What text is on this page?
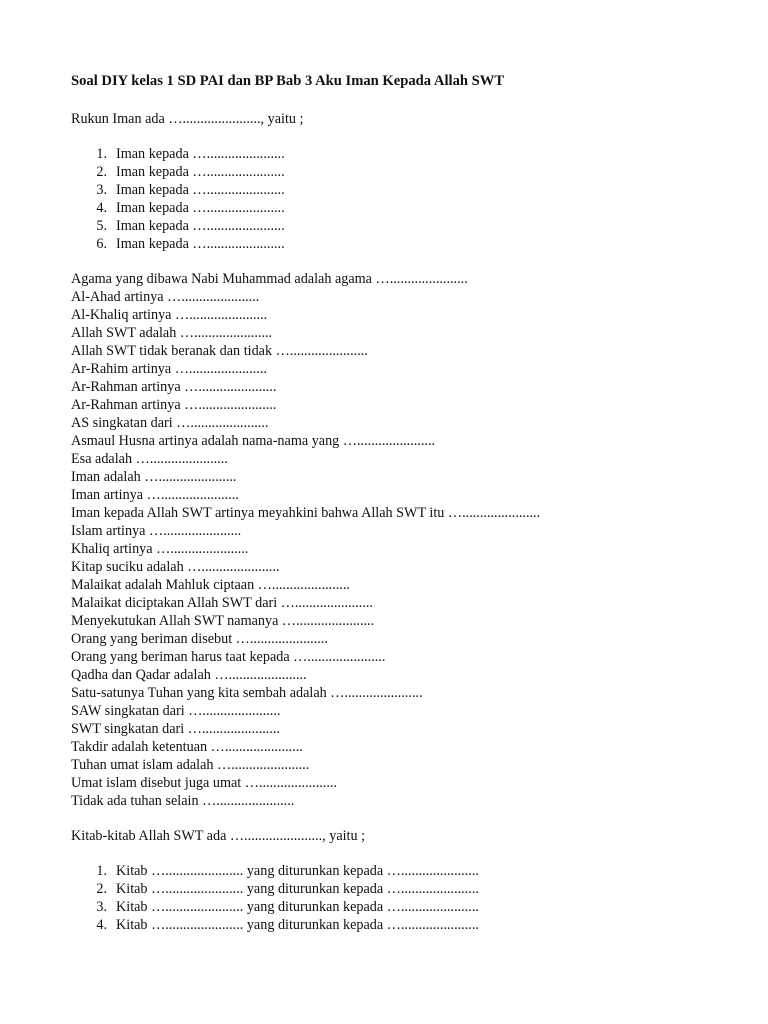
Soal DIY kelas 1 SD PAI dan BP Bab 3 Aku Iman Kepada Allah SWT
Rukun Iman ada …......................, yaitu ;
1. Iman kepada …......................
2. Iman kepada …......................
3. Iman kepada …......................
4. Iman kepada …......................
5. Iman kepada …......................
6. Iman kepada …......................
Agama yang dibawa Nabi Muhammad adalah agama …......................
Al-Ahad artinya …......................
Al-Khaliq artinya …......................
Allah SWT adalah …......................
Allah SWT tidak beranak dan tidak …......................
Ar-Rahim artinya …......................
Ar-Rahman artinya …......................
Ar-Rahman artinya …......................
AS singkatan dari …......................
Asmaul Husna artinya adalah nama-nama yang …......................
Esa adalah …......................
Iman adalah …......................
Iman artinya …......................
Iman kepada Allah SWT artinya meyahkini bahwa Allah SWT itu …......................
Islam artinya …......................
Khaliq artinya …......................
Kitap suciku adalah …......................
Malaikat adalah Mahluk ciptaan …......................
Malaikat diciptakan Allah SWT dari …......................
Menyekutukan Allah SWT namanya …......................
Orang yang beriman disebut …......................
Orang yang beriman harus taat kepada …......................
Qadha dan Qadar adalah …......................
Satu-satunya Tuhan yang kita sembah adalah …......................
SAW singkatan dari …......................
SWT singkatan dari …......................
Takdir adalah ketentuan …......................
Tuhan umat islam adalah …......................
Umat islam disebut juga umat …......................
Tidak ada tuhan selain …......................
Kitab-kitab Allah SWT ada …......................, yaitu ;
1. Kitab …...................... yang diturunkan kepada …......................
2. Kitab …...................... yang diturunkan kepada …......................
3. Kitab …...................... yang diturunkan kepada …......................
4. Kitab …...................... yang diturunkan kepada …......................
